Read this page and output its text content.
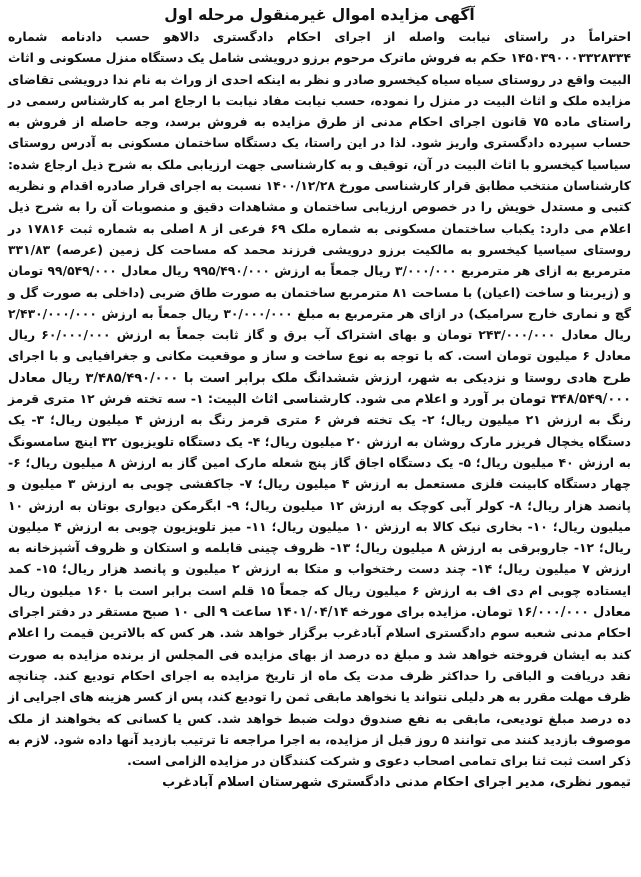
آگهی مزایده اموال غیرمنقول مرحله اول
احتراماً در راستای نیابت واصله از اجرای احکام دادگستری دالاهو حسب دادنامه شماره ۱۴۵۰۳۹۰۰۰۳۳۲۸۳۳۴ حکم به فروش ماترک مرحوم برزو درویشی شامل یک دستگاه منزل مسکونی و اثاث البیت واقع در روستای سیاه سیاه کیخسرو صادر و نظر به اینکه احدی از وراث به نام ندا درویشی تقاضای مزایده ملک و اثاث البیت در منزل را نموده، حسب نیابت مفاد نیابت با ارجاع امر به کارشناس رسمی در راستای ماده ۷۵ قانون اجرای احکام مدنی از طرق مزایده به فروش برسد، وجه حاصله از فروش به حساب سپرده دادگستری واریز شود. لذا در این راستا، یک دستگاه ساختمان مسکونی به آدرس روستای سیاسیا کیخسرو با اثاث البیت در آن، توقیف و به کارشناسی جهت ارزیابی ملک به شرح ذیل ارجاع شده: کارشناسان منتخب مطابق قرار کارشناسی مورخ ۱۴۰۰/۱۲/۲۸ نسبت به اجرای قرار صادره اقدام و نظریه کتبی و مستدل خویش را در خصوص ارزیابی ساختمان و مشاهدات دقیق و منصوبات آن را به شرح ذیل اعلام می دارد: یکباب ساختمان مسکونی به شماره ملک ۶۹ فرعی از ۸ اصلی به شماره ثبت ۱۷۸۱۶ در روستای سیاسیا کیخسرو به مالکیت برزو درویشی فرزند محمد که مساحت کل زمین (عرصه) ۳۳۱/۸۳ مترمربع به ازای هر مترمربع ۳/۰۰۰/۰۰۰ ریال جمعاً به ارزش ۹۹۵/۴۹۰/۰۰۰ ریال معادل ۹۹/۵۴۹/۰۰۰ تومان و (زیربنا و ساخت (اعیان) با مساحت ۸۱ مترمربع ساختمان به صورت طاق ضربی (داخلی به صورت گل و گچ و نماری خارج سرامیک) در ازای هر مترمربع به مبلغ ۳۰/۰۰۰/۰۰۰ ریال جمعاً به ارزش ۲/۴۳۰/۰۰۰/۰۰۰ ریال معادل ۲۴۳/۰۰۰/۰۰۰ تومان و بهای اشتراک آب برق و گاز ثابت جمعاً به ارزش ۶۰/۰۰۰/۰۰۰ ریال معادل ۶ میلیون تومان است. که با توجه به نوع ساخت و ساز و موقعیت مکانی و جغرافیایی و با اجرای طرح هادی روستا و نزدیکی به شهر، ارزش ششدانگ ملک برابر است با ۳/۴۸۵/۴۹۰/۰۰۰ ریال معادل ۳۴۸/۵۴۹/۰۰۰ تومان بر آورد و اعلام می شود. کارشناسی اثاث البیت: ۱- سه تخته فرش ۱۲ متری قرمز رنگ به ارزش ۲۱ میلیون ریال؛ ۲- یک تخته فرش ۶ متری قرمز رنگ به ارزش ۴ میلیون ریال؛ ۳- یک دستگاه یخچال فریزر مارک روشان به ارزش ۲۰ میلیون ریال؛ ۴- یک دستگاه تلویزیون ۳۲ اینچ سامسونگ به ارزش ۴۰ میلیون ریال؛ ۵- یک دستگاه اجاق گاز پنج شعله مارک امین گاز به ارزش ۸ میلیون ریال؛ ۶- چهار دستگاه کابینت فلزی مستعمل به ارزش ۴ میلیون ریال؛ ۷- جاکفشی چوبی به ارزش ۳ میلیون و پانصد هزار ریال؛ ۸- کولر آبی کوچک به ارزش ۱۲ میلیون ریال؛ ۹- ابگرمکن دیواری بوتان به ارزش ۱۰ میلیون ریال؛ ۱۰- بخاری نیک کالا به ارزش ۱۰ میلیون ریال؛ ۱۱- میز تلویزیون چوبی به ارزش ۴ میلیون ریال؛ ۱۲- جاروبرقی به ارزش ۸ میلیون ریال؛ ۱۳- ظروف چینی قابلمه و استکان و ظروف آشپزخانه به ارزش ۷ میلیون ریال؛ ۱۴- چند دست رختخواب و متکا به ارزش ۲ میلیون و پانصد هزار ریال؛ ۱۵- کمد ایستاده چوبی ام دی اف به ارزش ۶ میلیون ریال که جمعاً ۱۵ قلم است برابر است با ۱۶۰ میلیون ریال معادل ۱۶/۰۰۰/۰۰۰ تومان. مزایده برای مورخه ۱۴۰۱/۰۴/۱۴ ساعت ۹ الی ۱۰ صبح مستقر در دفتر اجرای احکام مدنی شعبه سوم دادگستری اسلام آبادغرب برگزار خواهد شد. هر کس که بالاترین قیمت را اعلام کند به ایشان فروخته خواهد شد و مبلغ ده درصد از بهای مزایده فی المجلس از برنده مزایده به صورت نقد دریافت و الباقی را حداکثر ظرف مدت یک ماه از تاریخ مزایده به اجرای احکام تودیع کند. چنانچه ظرف مهلت مقرر به هر دلیلی نتواند یا نخواهد مابقی ثمن را تودیع کند، پس از کسر هزینه های اجرایی از ده درصد مبلغ تودیعی، مابقی به نفع صندوق دولت ضبط خواهد شد. کس یا کسانی که بخواهند از ملک موصوف بازدید کنند می توانند ۵ روز قبل از مزایده، به اجرا مراجعه تا ترتیب بازدید آنها داده شود. لازم به ذکر است ثبت ثنا برای تمامی اصحاب دعوی و شرکت کنندگان در مزایده الزامی است.
تیمور نظری، مدیر اجرای احکام مدنی دادگستری شهرستان اسلام آبادغرب
